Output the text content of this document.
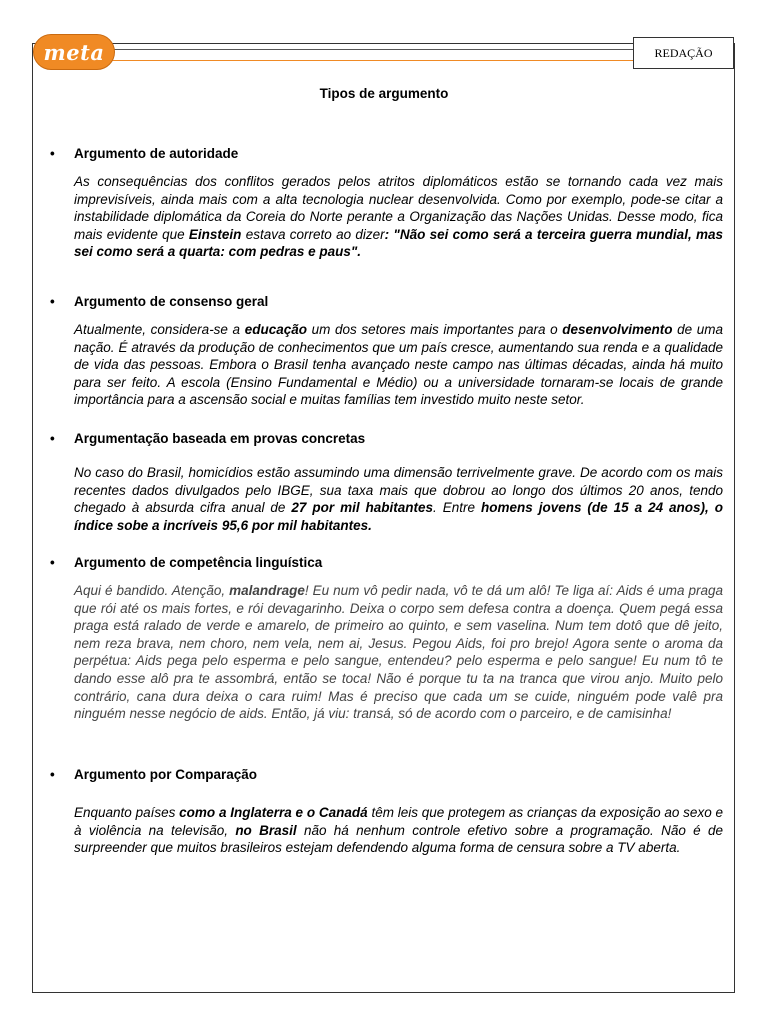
meta	REDAÇÃO
Tipos de argumento
• Argumento de autoridade
As consequências dos conflitos gerados pelos atritos diplomáticos estão se tornando cada vez mais imprevisíveis, ainda mais com a alta tecnologia nuclear desenvolvida. Como por exemplo, pode-se citar a instabilidade diplomática da Coreia do Norte perante a Organização das Nações Unidas. Desse modo, fica mais evidente que Einstein estava correto ao dizer: "Não sei como será a terceira guerra mundial, mas sei como será a quarta: com pedras e paus".
• Argumento de consenso geral
Atualmente, considera-se a educação um dos setores mais importantes para o desenvolvimento de uma nação. É através da produção de conhecimentos que um país cresce, aumentando sua renda e a qualidade de vida das pessoas. Embora o Brasil tenha avançado neste campo nas últimas décadas, ainda há muito para ser feito. A escola (Ensino Fundamental e Médio) ou a universidade tornaram-se locais de grande importância para a ascensão social e muitas famílias tem investido muito neste setor.
• Argumentação baseada em provas concretas
No caso do Brasil, homicídios estão assumindo uma dimensão terrivelmente grave. De acordo com os mais recentes dados divulgados pelo IBGE, sua taxa mais que dobrou ao longo dos últimos 20 anos, tendo chegado à absurda cifra anual de 27 por mil habitantes. Entre homens jovens (de 15 a 24 anos), o índice sobe a incríveis 95,6 por mil habitantes.
• Argumento de competência linguística
Aqui é bandido. Atenção, malandrage! Eu num vô pedir nada, vô te dá um alô! Te liga aí: Aids é uma praga que rói até os mais fortes, e rói devagarinho. Deixa o corpo sem defesa contra a doença. Quem pegá essa praga está ralado de verde e amarelo, de primeiro ao quinto, e sem vaselina. Num tem dotô que dê jeito, nem reza brava, nem choro, nem vela, nem ai, Jesus. Pegou Aids, foi pro brejo! Agora sente o aroma da perpétua: Aids pega pelo esperma e pelo sangue, entendeu? pelo esperma e pelo sangue! Eu num tô te dando esse alô pra te assombrá, então se toca! Não é porque tu ta na tranca que virou anjo. Muito pelo contrário, cana dura deixa o cara ruim! Mas é preciso que cada um se cuide, ninguém pode valê pra ninguém nesse negócio de aids. Então, já viu: transá, só de acordo com o parceiro, e de camisinha!
• Argumento por Comparação
Enquanto países como a Inglaterra e o Canadá têm leis que protegem as crianças da exposição ao sexo e à violência na televisão, no Brasil não há nenhum controle efetivo sobre a programação. Não é de surpreender que muitos brasileiros estejam defendendo alguma forma de censura sobre a TV aberta.
